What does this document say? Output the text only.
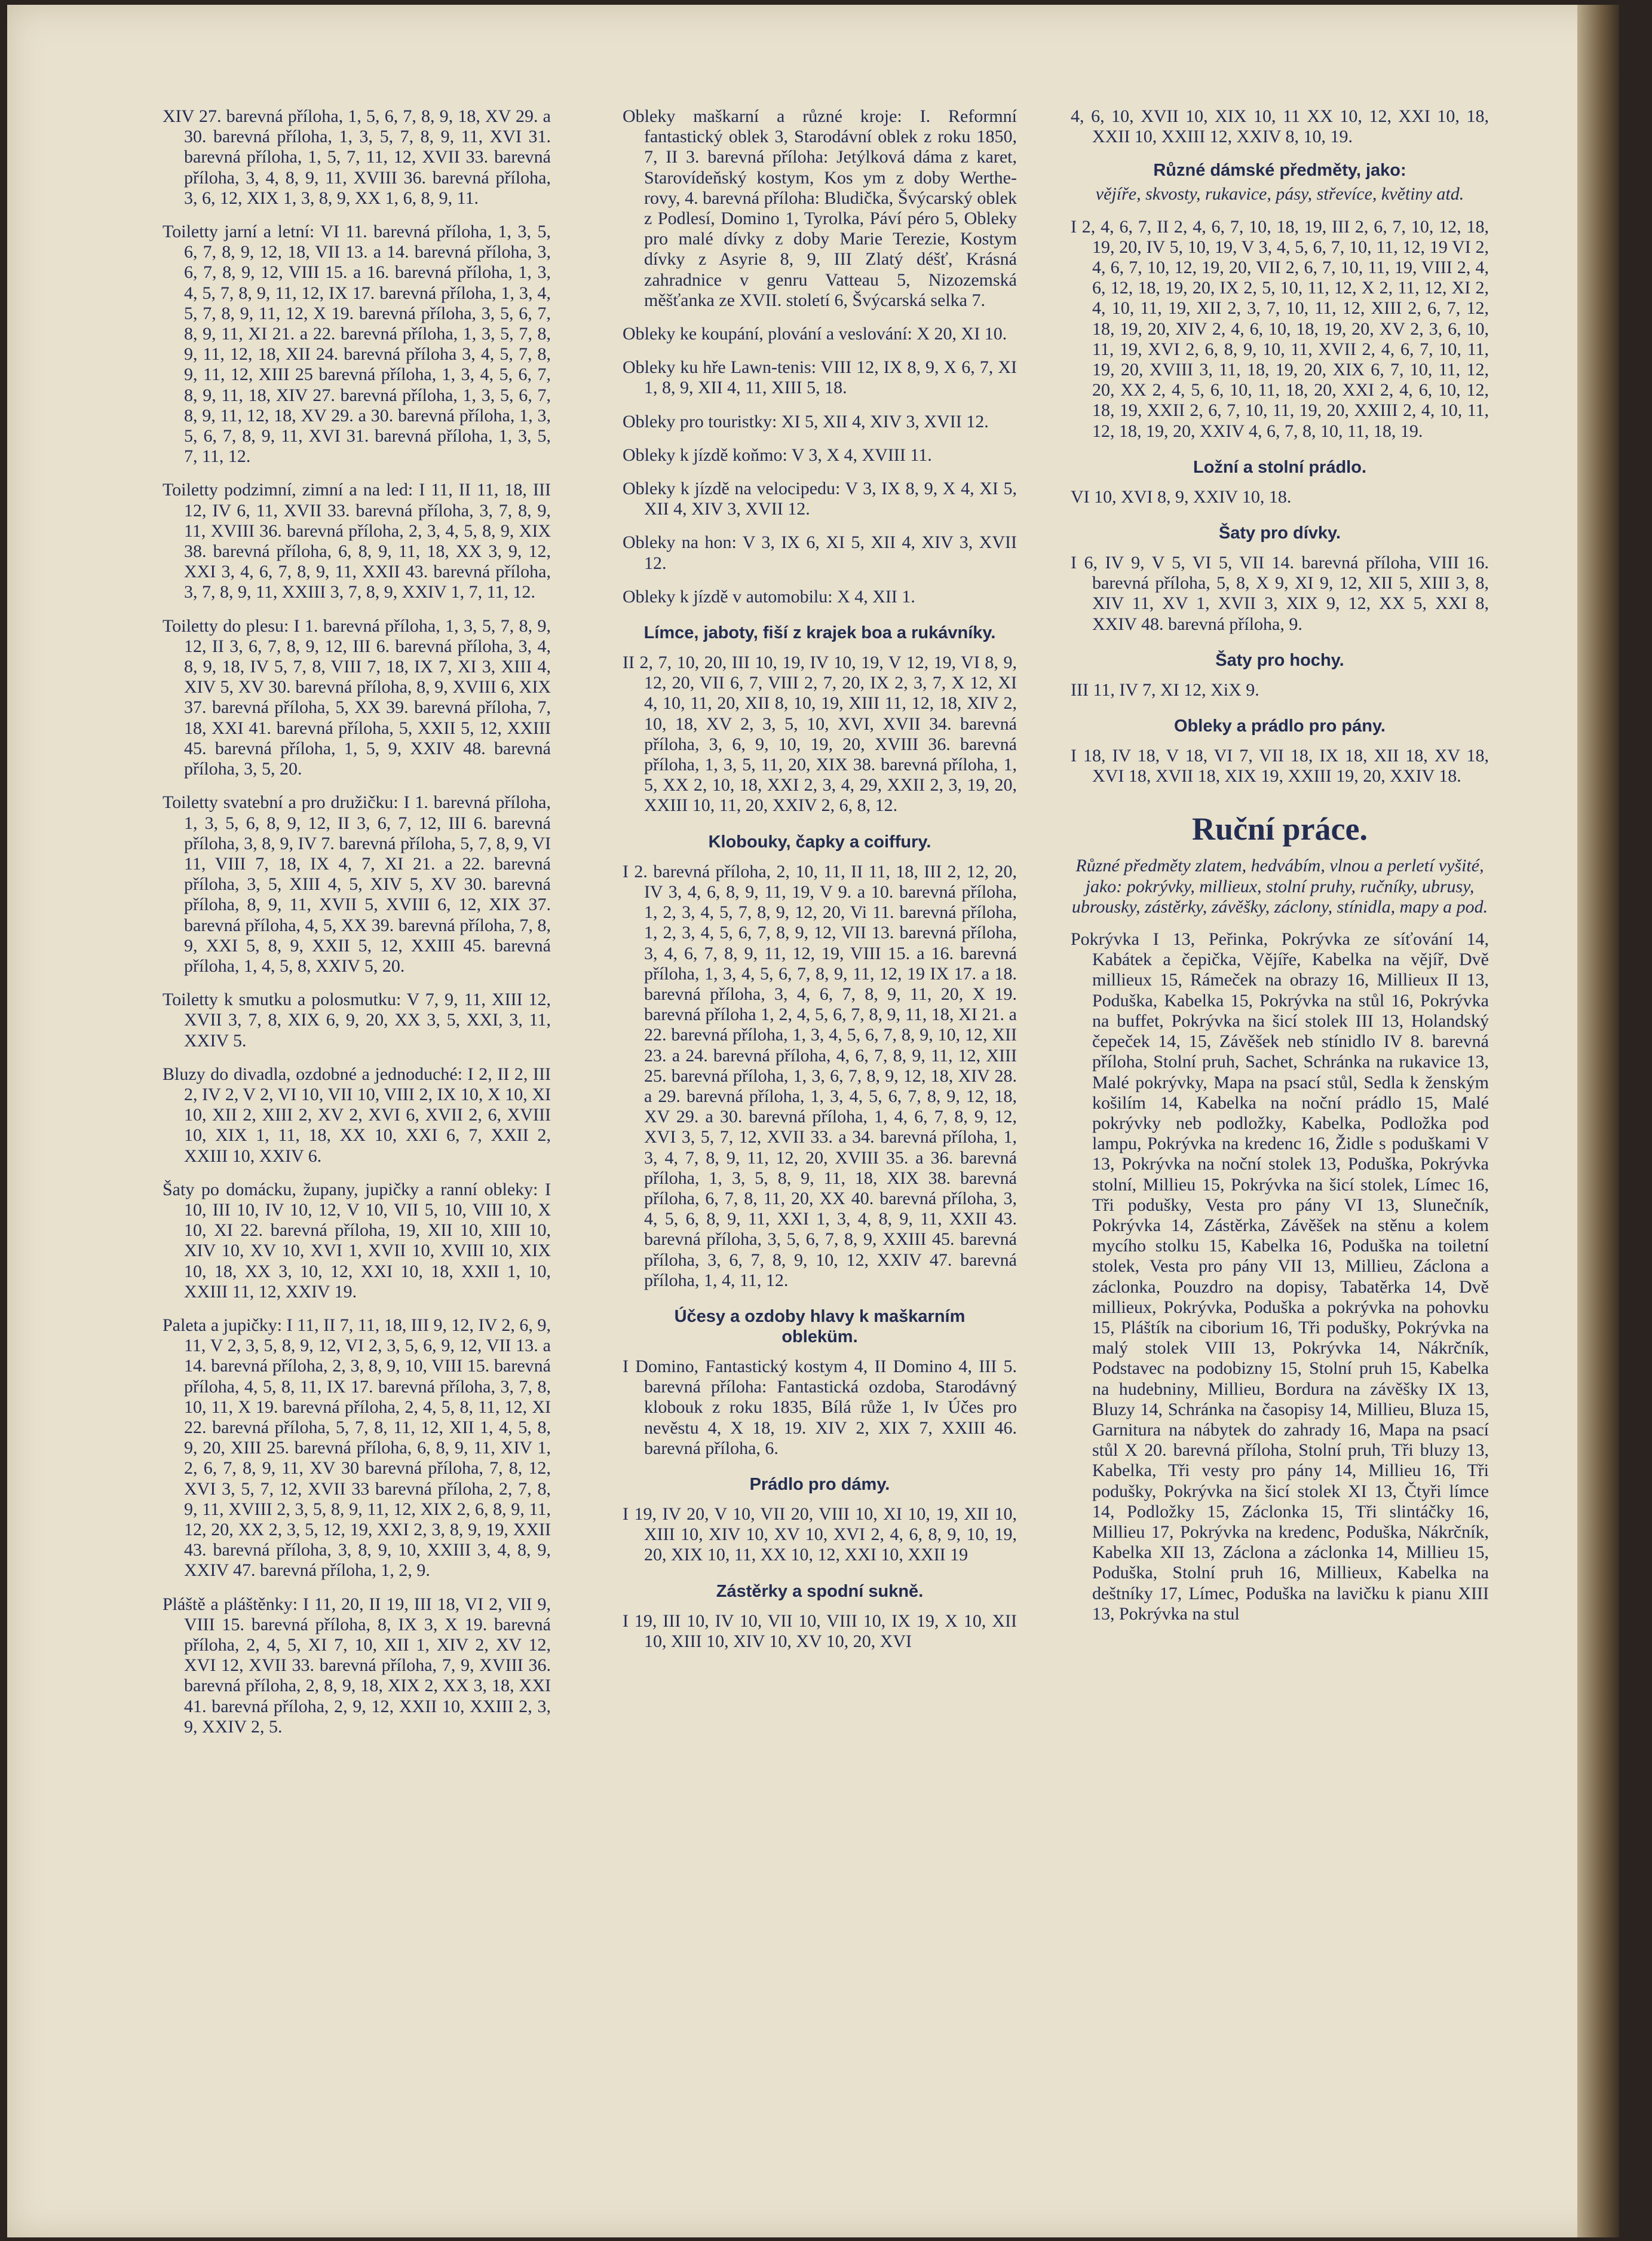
XIV 27. barevná příloha, 1, 5, 6, 7, 8, 9, 18, XV 29. a 30. barevná příloha, 1, 3, 5, 7, 8, 9, 11, XVI 31. barevná příloha, 1, 5, 7, 11, 12, XVII 33. barevná příloha, 3, 4, 8, 9, 11, XVIII 36. barevná příloha, 3, 6, 12, XIX 1, 3, 8, 9, XX 1, 6, 8, 9, 11.

Toiletty jarní a letní: VI 11. barevná příloha, 1, 3, 5, 6, 7, 8, 9, 12, 18, VII 13. a 14. barevná příloha, 3, 6, 7, 8, 9, 12, VIII 15. a 16. barevná příloha, 1, 3, 4, 5, 7, 8, 9, 11, 12, IX 17. barevná příloha, 1, 3, 4, 5, 7, 8, 9, 11, 12, X 19. barevná příloha, 3, 5, 6, 7, 8, 9, 11, XI 21. a 22. barevná příloha, 1, 3, 5, 7, 8, 9, 11, 12, 18, XII 24. barevná příloha 3, 4, 5, 7, 8, 9, 11, 12, XIII 25 barevná příloha, 1, 3, 4, 5, 6, 7, 8, 9, 11, 18, XIV 27. barevná příloha, 1, 3, 5, 6, 7, 8, 9, 11, 12, 18, XV 29. a 30. barevná příloha, 1, 3, 5, 6, 7, 8, 9, 11, XVI 31. barevná příloha, 1, 3, 5, 7, 11, 12.

Toiletty podzimní, zimní a na led: I 11, II 11, 18, III 12, IV 6, 11, XVII 33. barevná příloha, 3, 7, 8, 9, 11, XVIII 36. barevná příloha, 2, 3, 4, 5, 8, 9, XIX 38. barevná příloha, 6, 8, 9, 11, 18, XX 3, 9, 12, XXI 3, 4, 6, 7, 8, 9, 11, XXII 43. barevná příloha, 3, 7, 8, 9, 11, XXIII 3, 7, 8, 9, XXIV 1, 7, 11, 12.

Toiletty do plesu: I 1. barevná příloha, 1, 3, 5, 7, 8, 9, 12, II 3, 6, 7, 8, 9, 12, III 6. barevná příloha, 3, 4, 8, 9, 18, IV 5, 7, 8, VIII 7, 18, IX 7, XI 3, XIII 4, XIV 5, XV 30. barevná příloha, 8, 9, XVIII 6, XIX 37. barevná příloha, 5, XX 39. barevná příloha, 7, 18, XXI 41. barevná příloha, 5, XXII 5, 12, XXIII 45. barevná příloha, 1, 5, 9, XXIV 48. barevná příloha, 3, 5, 20.

Toiletty svatební a pro družičku: I 1. barevná příloha, 1, 3, 5, 6, 8, 9, 12, II 3, 6, 7, 12, III 6. barevná příloha, 3, 8, 9, IV 7. barevná příloha, 5, 7, 8, 9, VI 11, VIII 7, 18, IX 4, 7, XI 21. a 22. barevná příloha, 3, 5, XIII 4, 5, XIV 5, XV 30. barevná příloha, 8, 9, 11, XVII 5, XVIII 6, 12, XIX 37. barevná příloha, 4, 5, XX 39. barevná příloha, 7, 8, 9, XXI 5, 8, 9, XXII 5, 12, XXIII 45. barevná příloha, 1, 4, 5, 8, XXIV 5, 20.

Toiletty k smutku a polosmutku: V 7, 9, 11, XIII 12, XVII 3, 7, 8, XIX 6, 9, 20, XX 3, 5, XXI, 3, 11, XXIV 5.

Bluzy do divadla, ozdobné a jednoduché: I 2, II 2, III 2, IV 2, V 2, VI 10, VII 10, VIII 2, IX 10, X 10, XI 10, XII 2, XIII 2, XV 2, XVI 6, XVII 2, 6, XVIII 10, XIX 1, 11, 18, XX 10, XXI 6, 7, XXII 2, XXIII 10, XXIV 6.

Šaty po domácku, župany, jupičky a ranní obleky: I 10, III 10, IV 10, 12, V 10, VII 5, 10, VIII 10, X 10, XI 22. barevná příloha, 19, XII 10, XIII 10, XIV 10, XV 10, XVI 1, XVII 10, XVIII 10, XIX 10, 18, XX 3, 10, 12, XXI 10, 18, XXII 1, 10, XXIII 11, 12, XXIV 19.

Paleta a jupičky: I 11, II 7, 11, 18, III 9, 12, IV 2, 6, 9, 11, V 2, 3, 5, 8, 9, 12, VI 2, 3, 5, 6, 9, 12, VII 13. a 14. barevná příloha, 2, 3, 8, 9, 10, VIII 15. barevná příloha, 4, 5, 8, 11, IX 17. barevná příloha, 3, 7, 8, 10, 11, X 19. barevná příloha, 2, 4, 5, 8, 11, 12, XI 22. barevná příloha, 5, 7, 8, 11, 12, XII 1, 4, 5, 8, 9, 20, XIII 25. barevná příloha, 6, 8, 9, 11, XIV 1, 2, 6, 7, 8, 9, 11, XV 30 barevná příloha, 7, 8, 12, XVI 3, 5, 7, 12, XVII 33 barevná příloha, 2, 7, 8, 9, 11, XVIII 2, 3, 5, 8, 9, 11, 12, XIX 2, 6, 8, 9, 11, 12, 20, XX 2, 3, 5, 12, 19, XXI 2, 3, 8, 9, 19, XXII 43. barevná příloha, 3, 8, 9, 10, XXIII 3, 4, 8, 9, XXIV 47. barevná příloha, 1, 2, 9.

Pláště a pláštěnky: I 11, 20, II 19, III 18, VI 2, VII 9, VIII 15. barevná příloha, 8, IX 3, X 19. barevná příloha, 2, 4, 5, XI 7, 10, XII 1, XIV 2, XV 12, XVI 12, XVII 33. barevná příloha, 7, 9, XVIII 36. barevná příloha, 2, 8, 9, 18, XIX 2, XX 3, 18, XXI 41. barevná příloha, 2, 9, 12, XXII 10, XXIII 2, 3, 9, XXIV 2, 5.

Obleky maškarní a různé kroje: I. Reformní fantastický oblek 3, Starodávní oblek z roku 1850, 7, II 3. barevná příloha: Jetýlková dáma z karet, Starovídeňský kostym, Kos ym z doby Werthe-rovy, 4. barevná příloha: Bludička, Švýcarský oblek z Podlesí, Domino 1, Tyrolka, Páví péro 5, Obleky pro malé dívky z doby Marie Terezie, Kostym dívky z Asyrie 8, 9, III Zlatý déšť, Krásná zahradnice v genru Vatteau 5, Nizozemská měšťanka ze XVII. století 6, Švýcarská selka 7.

Obleky ke koupání, plování a veslování: X 20, XI 10.

Obleky ku hře Lawn-tenis: VIII 12, IX 8, 9, X 6, 7, XI 1, 8, 9, XII 4, 11, XIII 5, 18.

Obleky pro touristky: XI 5, XII 4, XIV 3, XVII 12.

Obleky k jízdě koňmo: V 3, X 4, XVIII 11.

Obleky k jízdě na velocipedu: V 3, IX 8, 9, X 4, XI 5, XII 4, XIV 3, XVII 12.

Obleky na hon: V 3, IX 6, XI 5, XII 4, XIV 3, XVII 12.

Obleky k jízdě v automobilu: X 4, XII 1.

Límce, jaboty, fiší z krajek boa a rukávníky.

II 2, 7, 10, 20, III 10, 19, IV 10, 19, V 12, 19, VI 8, 9, 12, 20, VII 6, 7, VIII 2, 7, 20, IX 2, 3, 7, X 12, XI 4, 10, 11, 20, XII 8, 10, 19, XIII 11, 12, 18, XIV 2, 10, 18, XV 2, 3, 5, 10, XVI, XVII 34. barevná příloha, 3, 6, 9, 10, 19, 20, XVIII 36. barevná příloha, 1, 3, 5, 11, 20, XIX 38. barevná příloha, 1, 5, XX 2, 10, 18, XXI 2, 3, 4, 29, XXII 2, 3, 19, 20, XXIII 10, 11, 20, XXIV 2, 6, 8, 12.

Klobouky, čapky a coiffury.

I 2. barevná příloha, 2, 10, 11, II 11, 18, III 2, 12, 20, IV 3, 4, 6, 8, 9, 11, 19, V 9. a 10. barevná příloha, 1, 2, 3, 4, 5, 7, 8, 9, 12, 20, Vi 11. barevná příloha, 1, 2, 3, 4, 5, 6, 7, 8, 9, 12, VII 13. barevná příloha, 3, 4, 6, 7, 8, 9, 11, 12, 19, VIII 15. a 16. barevná příloha, 1, 3, 4, 5, 6, 7, 8, 9, 11, 12, 19 IX 17. a 18. barevná příloha, 3, 4, 6, 7, 8, 9, 11, 20, X 19. barevná příloha 1, 2, 4, 5, 6, 7, 8, 9, 11, 18, XI 21. a 22. barevná příloha, 1, 3, 4, 5, 6, 7, 8, 9, 10, 12, XII 23. a 24. barevná příloha, 4, 6, 7, 8, 9, 11, 12, XIII 25. barevná příloha, 1, 3, 6, 7, 8, 9, 12, 18, XIV 28. a 29. barevná příloha, 1, 3, 4, 5, 6, 7, 8, 9, 12, 18, XV 29. a 30. barevná příloha, 1, 4, 6, 7, 8, 9, 12, XVI 3, 5, 7, 12, XVII 33. a 34. barevná příloha, 1, 3, 4, 7, 8, 9, 11, 12, 20, XVIII 35. a 36. barevná příloha, 1, 3, 5, 8, 9, 11, 18, XIX 38. barevná příloha, 6, 7, 8, 11, 20, XX 40. barevná příloha, 3, 4, 5, 6, 8, 9, 11, XXI 1, 3, 4, 8, 9, 11, XXII 43. barevná příloha, 3, 5, 6, 7, 8, 9, XXIII 45. barevná příloha, 3, 6, 7, 8, 9, 10, 12, XXIV 47. barevná příloha, 1, 4, 11, 12.

Účesy a ozdoby hlavy k maškarním obleküm.

I Domino, Fantastický kostym 4, II Domino 4, III 5. barevná příloha: Fantastická ozdoba, Starodávný klobouk z roku 1835, Bílá růže 1, Iv Účes pro nevěstu 4, X 18, 19. XIV 2, XIX 7, XXIII 46. barevná příloha, 6.

Prádlo pro dámy.

I 19, IV 20, V 10, VII 20, VIII 10, XI 10, 19, XII 10, XIII 10, XIV 10, XV 10, XVI 2, 4, 6, 8, 9, 10, 19, 20, XIX 10, 11, XX 10, 12, XXI 10, XXII 19

Zástěrky a spodní sukně.

I 19, III 10, IV 10, VII 10, VIII 10, IX 19, X 10, XII 10, XIII 10, XIV 10, XV 10, 20, XVI

4, 6, 10, XVII 10, XIX 10, 11 XX 10, 12, XXI 10, 18, XXII 10, XXIII 12, XXIV 8, 10, 19.

Různé dámské předměty, jako:

vějíře, skvosty, rukavice, pásy, střevíce, květiny atd.

I 2, 4, 6, 7, II 2, 4, 6, 7, 10, 18, 19, III 2, 6, 7, 10, 12, 18, 19, 20, IV 5, 10, 19, V 3, 4, 5, 6, 7, 10, 11, 12, 19 VI 2, 4, 6, 7, 10, 12, 19, 20, VII 2, 6, 7, 10, 11, 19, VIII 2, 4, 6, 12, 18, 19, 20, IX 2, 5, 10, 11, 12, X 2, 11, 12, XI 2, 4, 10, 11, 19, XII 2, 3, 7, 10, 11, 12, XIII 2, 6, 7, 12, 18, 19, 20, XIV 2, 4, 6, 10, 18, 19, 20, XV 2, 3, 6, 10, 11, 19, XVI 2, 6, 8, 9, 10, 11, XVII 2, 4, 6, 7, 10, 11, 19, 20, XVIII 3, 11, 18, 19, 20, XIX 6, 7, 10, 11, 12, 20, XX 2, 4, 5, 6, 10, 11, 18, 20, XXI 2, 4, 6, 10, 12, 18, 19, XXII 2, 6, 7, 10, 11, 19, 20, XXIII 2, 4, 10, 11, 12, 18, 19, 20, XXIV 4, 6, 7, 8, 10, 11, 18, 19.

Ložní a stolní prádlo.

VI 10, XVI 8, 9, XXIV 10, 18.

Šaty pro dívky.

I 6, IV 9, V 5, VI 5, VII 14. barevná příloha, VIII 16. barevná příloha, 5, 8, X 9, XI 9, 12, XII 5, XIII 3, 8, XIV 11, XV 1, XVII 3, XIX 9, 12, XX 5, XXI 8, XXIV 48. barevná příloha, 9.

Šaty pro hochy.

III 11, IV 7, XI 12, XiX 9.

Obleky a prádlo pro pány.

I 18, IV 18, V 18, VI 7, VII 18, IX 18, XII 18, XV 18, XVI 18, XVII 18, XIX 19, XXIII 19, 20, XXIV 18.

Ruční práce.

Různé předměty zlatem, hedvábím, vlnou a perletí vyšité, jako: pokrývky, millieux, stolní pruhy, ručníky, ubrusy, ubrousky, zástěrky, závěšky, záclony, stínidla, mapy a pod.

Pokrývka I 13, Peřinka, Pokrývka ze síťování 14, Kabátek a čepička, Vějíře, Kabelka na vějíř, Dvě millieux 15, Rámeček na obrazy 16, Millieux II 13, Poduška, Kabelka 15, Pokrývka na stůl 16, Pokrývka na buffet, Pokrývka na šicí stolek III 13, Holandský čepeček 14, 15, Závěšek neb stínidlo IV 8. barevná příloha, Stolní pruh, Sachet, Schránka na rukavice 13, Malé pokrývky, Mapa na psací stůl, Sedla k ženským košilím 14, Kabelka na noční prádlo 15, Malé pokrývky neb podložky, Kabelka, Podložka pod lampu, Pokrývka na kredenc 16, Židle s poduškami V 13, Pokrývka na noční stolek 13, Poduška, Pokrývka stolní, Millieu 15, Pokrývka na šicí stolek, Límec 16, Tři podušky, Vesta pro pány VI 13, Slunečník, Pokrývka 14, Zástěrka, Závěšek na stěnu a kolem mycího stolku 15, Kabelka 16, Poduška na toiletní stolek, Vesta pro pány VII 13, Millieu, Záclona a záclonka, Pouzdro na dopisy, Tabatěrka 14, Dvě millieux, Pokrývka, Poduška a pokrývka na pohovku 15, Pláštík na ciborium 16, Tři podušky, Pokrývka na malý stolek VIII 13, Pokrývka 14, Nákrčník, Podstavec na podobizny 15, Stolní pruh 15, Kabelka na hudebniny, Millieu, Bordura na závěšky IX 13, Bluzy 14, Schránka na časopisy 14, Millieu, Bluza 15, Garnitura na nábytek do zahrady 16, Mapa na psací stůl X 20. barevná příloha, Stolní pruh, Tři bluzy 13, Kabelka, Tři vesty pro pány 14, Millieu 16, Tři podušky, Pokrývka na šicí stolek XI 13, Čtyři límce 14, Podložky 15, Záclonka 15, Tři slintáčky 16, Millieu 17, Pokrývka na kredenc, Poduška, Nákrčník, Kabelka XII 13, Záclona a záclonka 14, Millieu 15, Poduška, Stolní pruh 16, Millieux, Kabelka na deštníky 17, Límec, Poduška na lavičku k pianu XIII 13, Pokrývka na stul
